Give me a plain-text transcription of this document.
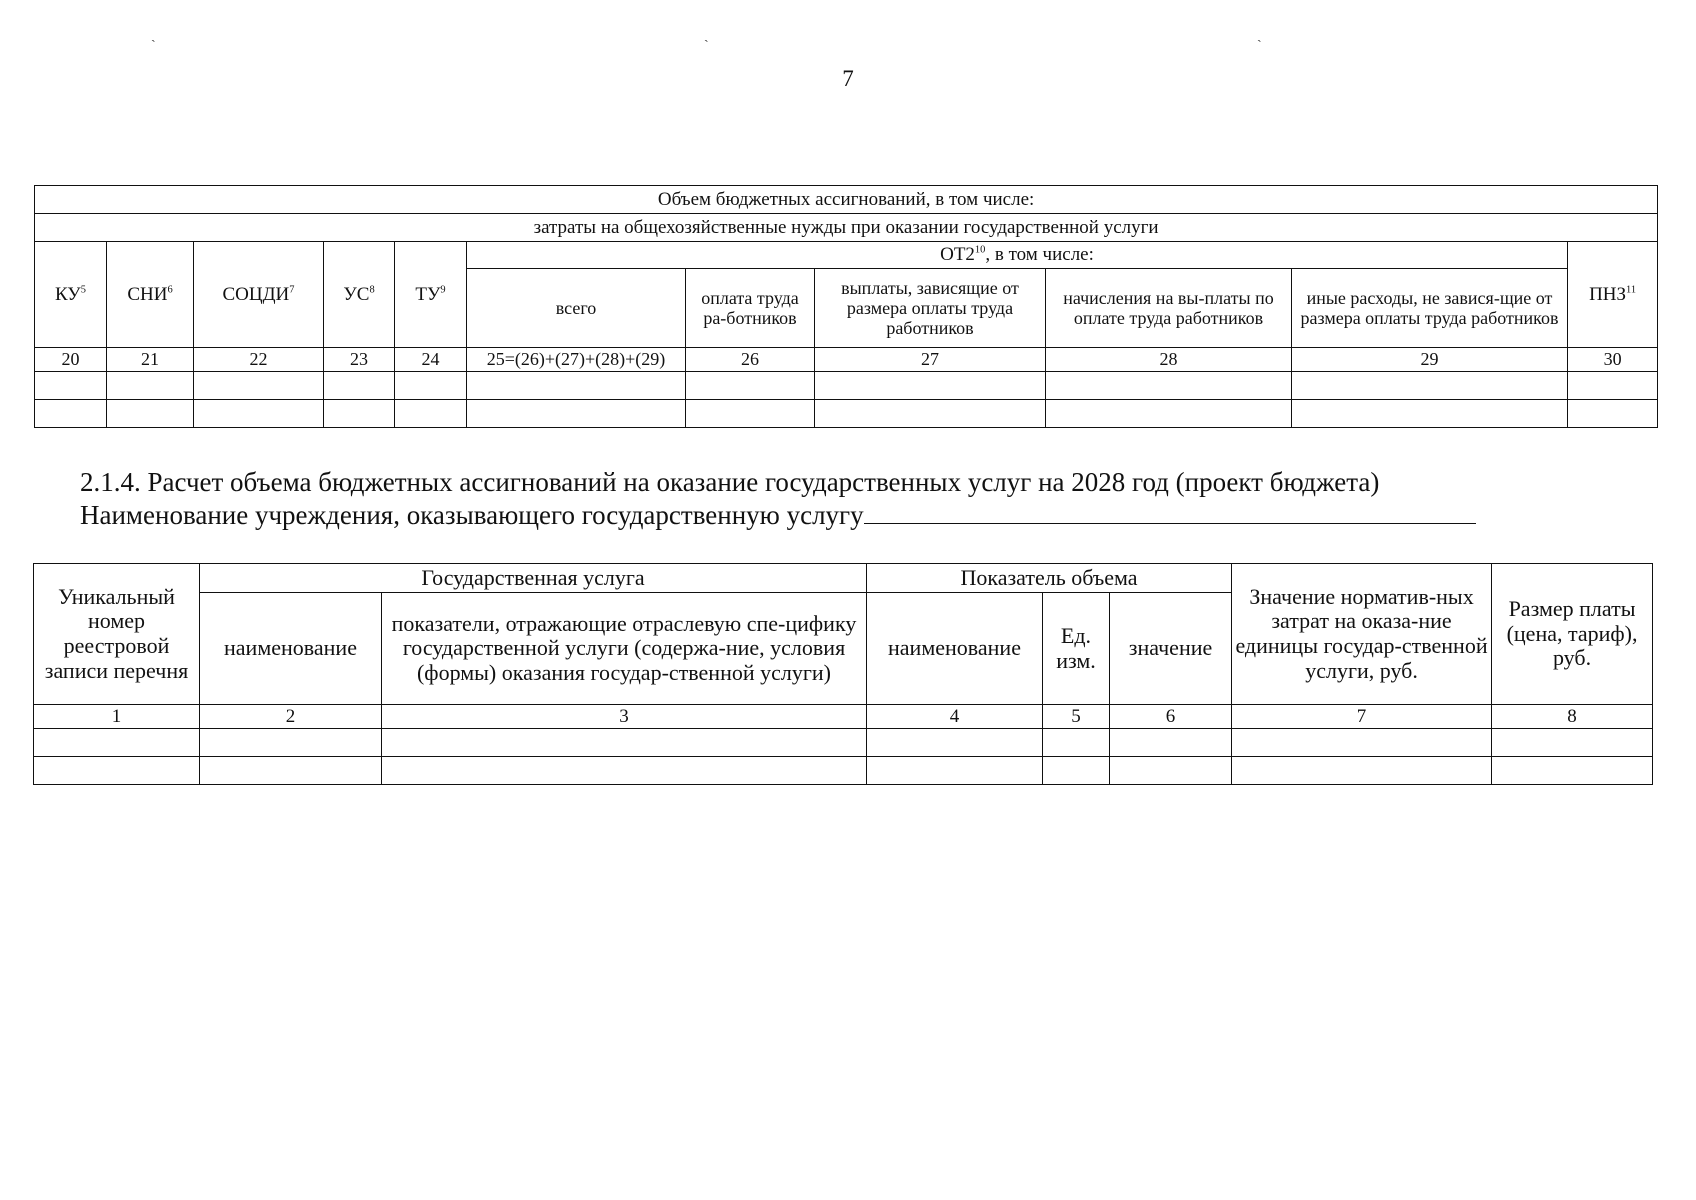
ˏ	ˏ	ˏ
7
Объем бюджетных ассигнований, в том числе:										
затраты на общехозяйственные нужды при оказании государственной услуги										
$КУ^5$	СНИ$^6$	СОЦДИ$^7$	$УС^8$	$ТУ^9$	$ОТ2^{10}$, в том числе:					ПНЗ$^{11}$
					всего	оплата труда ра-ботников	выплаты, зависящие от размера оплаты труда работников	начисления на вы-платы по оплате труда работников	иные расходы, не завися-щие от размера оплаты труда работников	
20	21	22	23	24	25=(26)+(27)+(28)+(29)	26	27	28	29	30

2.1.4. Расчет объема бюджетных ассигнований на оказание государственных услуг на 2028 год (проект бюджета)
Наименование учреждения, оказывающего государственную услугу
Уникальный номер реестровой записи перечня	Государственная услуга		Показатель объема			Значение норматив-ных затрат на оказа-ние единицы государ-ственной услуги, руб.	Размер платы (цена, тариф), руб.
	наименование	показатели, отражающие отраслевую спе-цифику государственной услуги (содержа-ние, условия (формы) оказания государ-ственной услуги)	наименование	Ед. изм.	значение		
1	2	3	4	5	6	7	8
